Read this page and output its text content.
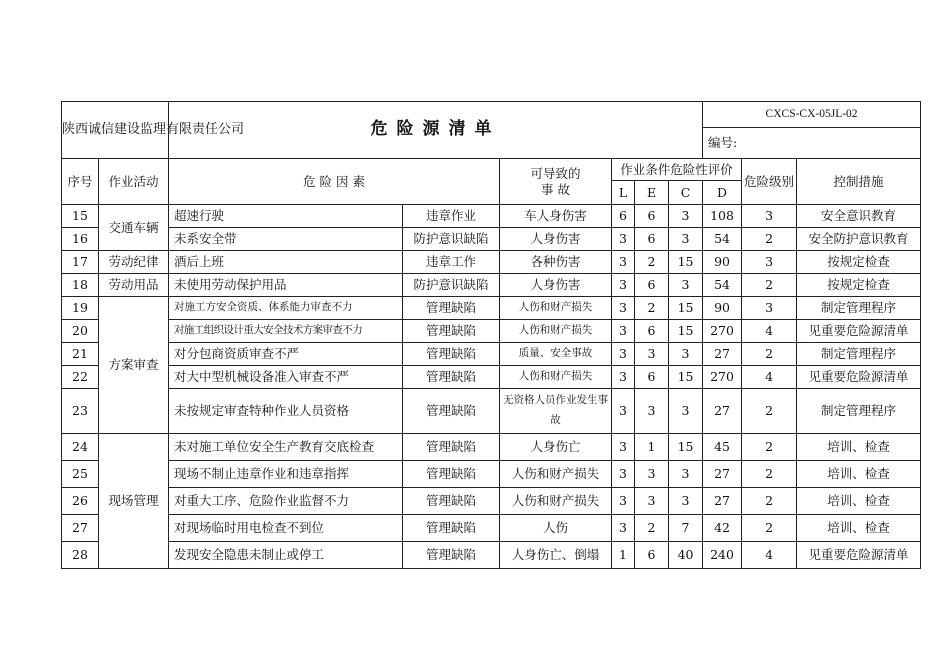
陕西诚信建设监理有限责任公司		危险源清单						CXCS-CX-05JL-02		
								编号:		
序号	作业活动	危 险 因 素		可导致的
事 故	作业条件危险性评价				危险级别	控制措施
					L	E	C	D		
15	交通车辆	超速行驶	违章作业	车人身伤害	6	6	3	108	3	安全意识教育
16		未系安全带	防护意识缺陷	人身伤害	3	6	3	54	2	安全防护意识教育
17	劳动纪律	酒后上班	违章工作	各种伤害	3	2	15	90	3	按规定检查
18	劳动用品	未使用劳动保护用品	防护意识缺陷	人身伤害	3	6	3	54	2	按规定检查
19	方案审查	对施工方安全资质、体系能力审查不力	管理缺陷	人伤和财产损失	3	2	15	90	3	制定管理程序
20		对施工组织设计重大安全技术方案审查不力	管理缺陷	人伤和财产损失	3	6	15	270	4	见重要危险源清单
21		对分包商资质审查不严	管理缺陷	质量、安全事故	3	3	3	27	2	制定管理程序
22		对大中型机械设备准入审查不严	管理缺陷	人伤和财产损失	3	6	15	270	4	见重要危险源清单
23		未按规定审查特种作业人员资格	管理缺陷	无资格人员作业发生事故	3	3	3	27	2	制定管理程序
24	现场管理	未对施工单位安全生产教育交底检查	管理缺陷	人身伤亡	3	1	15	45	2	培训、检查
25		现场不制止违章作业和违章指挥	管理缺陷	人伤和财产损失	3	3	3	27	2	培训、检查
26		对重大工序、危险作业监督不力	管理缺陷	人伤和财产损失	3	3	3	27	2	培训、检查
27		对现场临时用电检查不到位	管理缺陷	人伤	3	2	7	42	2	培训、检查
28		发现安全隐患未制止或停工	管理缺陷	人身伤亡、倒塌	1	6	40	240	4	见重要危险源清单
